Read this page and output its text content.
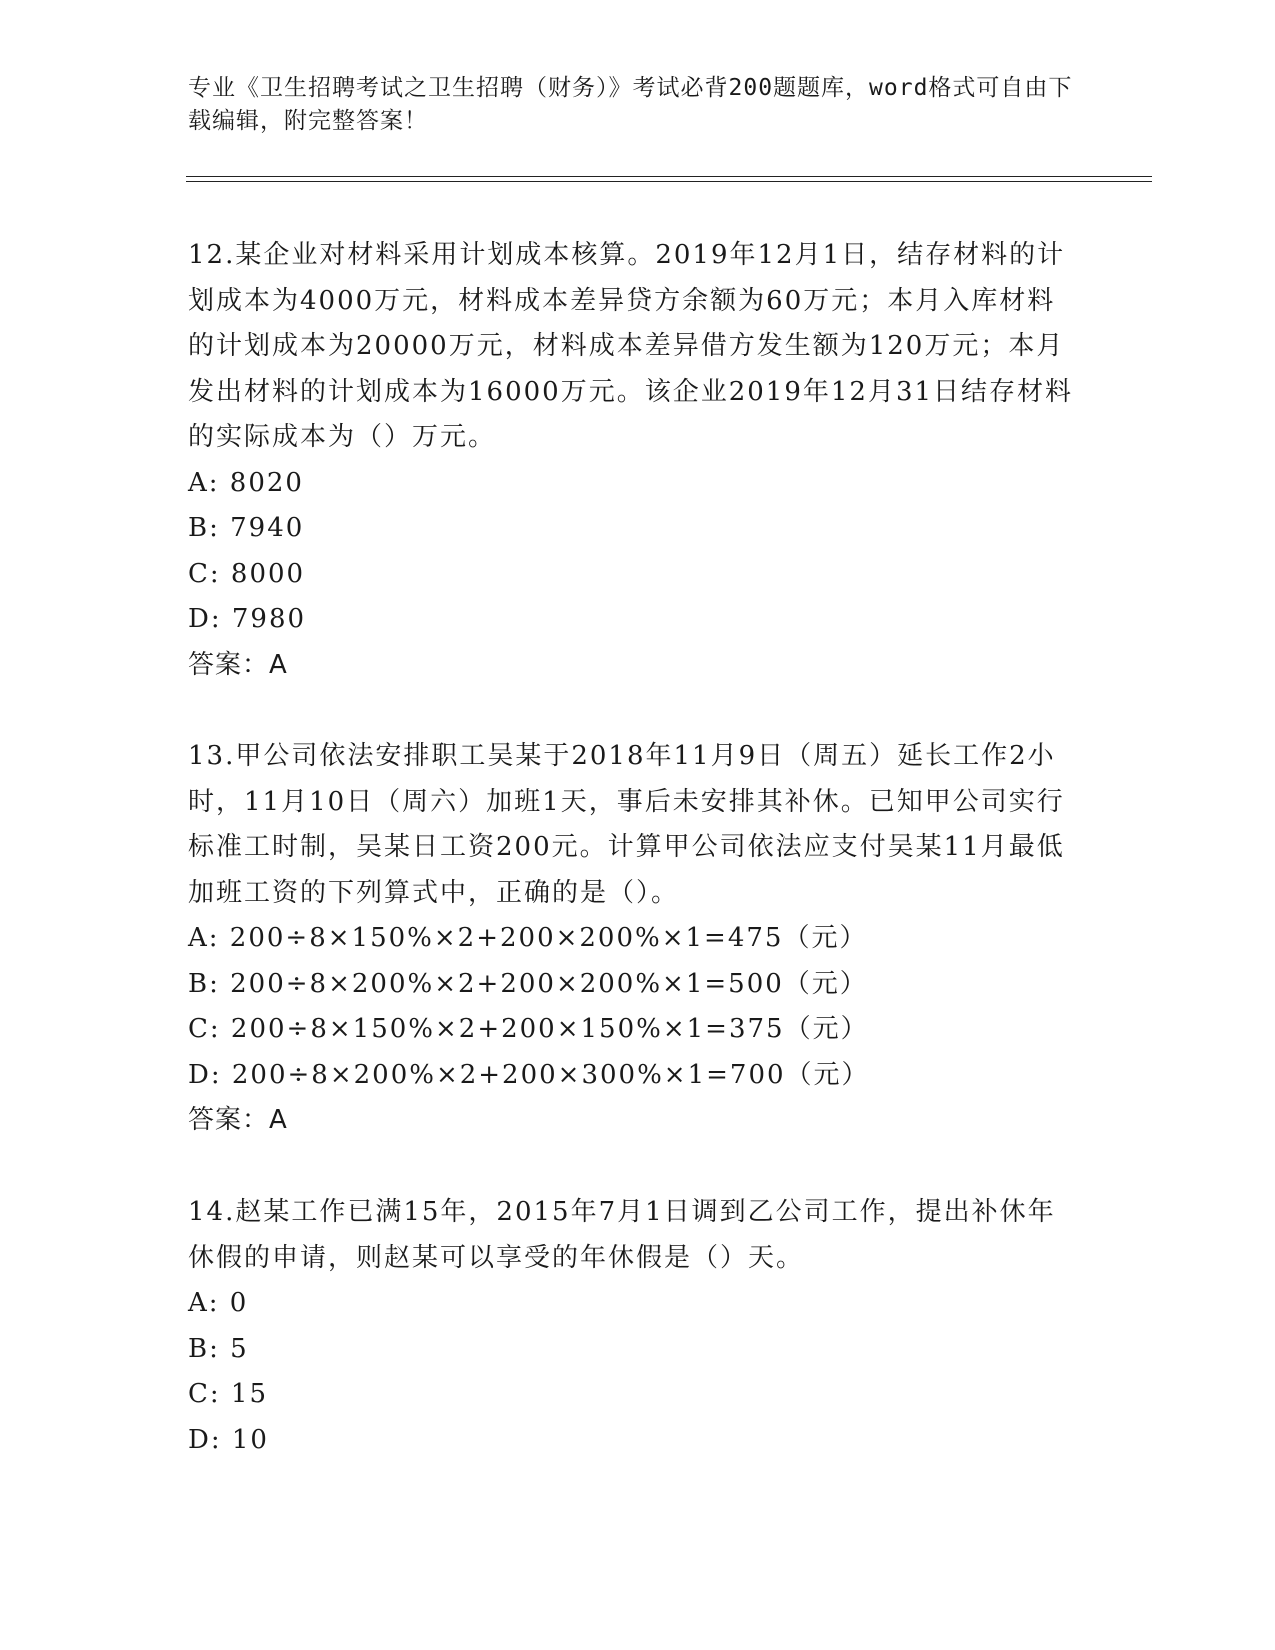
专业《卫生招聘考试之卫生招聘（财务）》考试必背200题题库，word格式可自由下载编辑，附完整答案！
12.某企业对材料采用计划成本核算。2019年12月1日，结存材料的计划成本为4000万元，材料成本差异贷方余额为60万元；本月入库材料的计划成本为20000万元，材料成本差异借方发生额为120万元；本月发出材料的计划成本为16000万元。该企业2019年12月31日结存材料的实际成本为（）万元。
A: 8020
B: 7940
C: 8000
D: 7980
答案：A
13.甲公司依法安排职工吴某于2018年11月9日（周五）延长工作2小时，11月10日（周六）加班1天，事后未安排其补休。已知甲公司实行标准工时制，吴某日工资200元。计算甲公司依法应支付吴某11月最低加班工资的下列算式中，正确的是（）。
A: 200÷8×150%×2+200×200%×1=475（元）
B: 200÷8×200%×2+200×200%×1=500（元）
C: 200÷8×150%×2+200×150%×1=375（元）
D: 200÷8×200%×2+200×300%×1=700（元）
答案：A
14.赵某工作已满15年，2015年7月1日调到乙公司工作，提出补休年休假的申请，则赵某可以享受的年休假是（）天。
A: 0
B: 5
C: 15
D: 10
